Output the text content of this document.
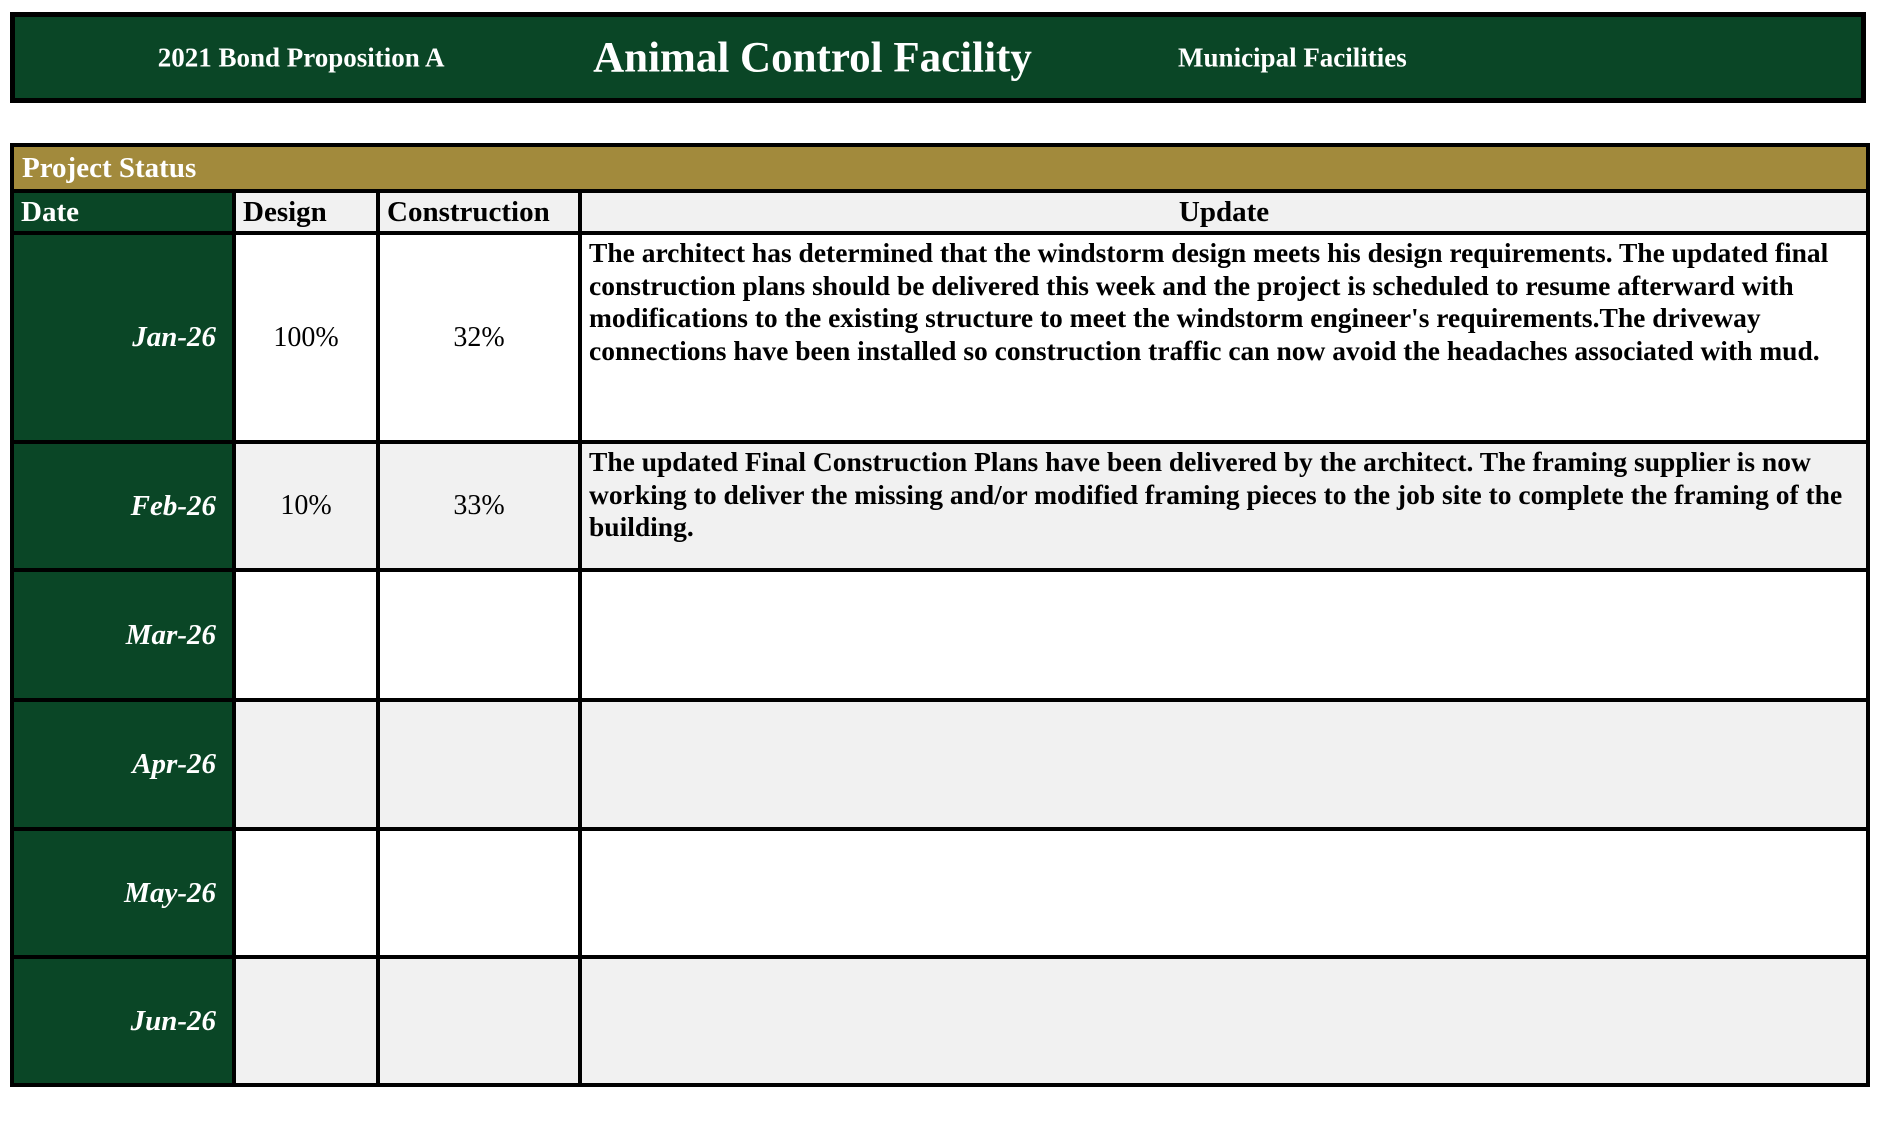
2021 Bond Proposition A	Animal Control Facility	Municipal Facilities
Project Status			
Date	Design	Construction	Update
Jan-26	100%	32%	The architect has determined that the windstorm design meets his design requirements. The updated final construction plans should be delivered this week and the project is scheduled to resume afterward with modifications to the existing structure to meet the windstorm engineer's requirements.The driveway connections have been installed so construction traffic can now avoid the headaches associated with mud.
Feb-26	10%	33%	The updated Final Construction Plans have been delivered by the architect. The framing supplier is now working to deliver the missing and/or modified framing pieces to the job site to complete the framing of the building.
Mar-26			
Apr-26			
May-26			
Jun-26			
